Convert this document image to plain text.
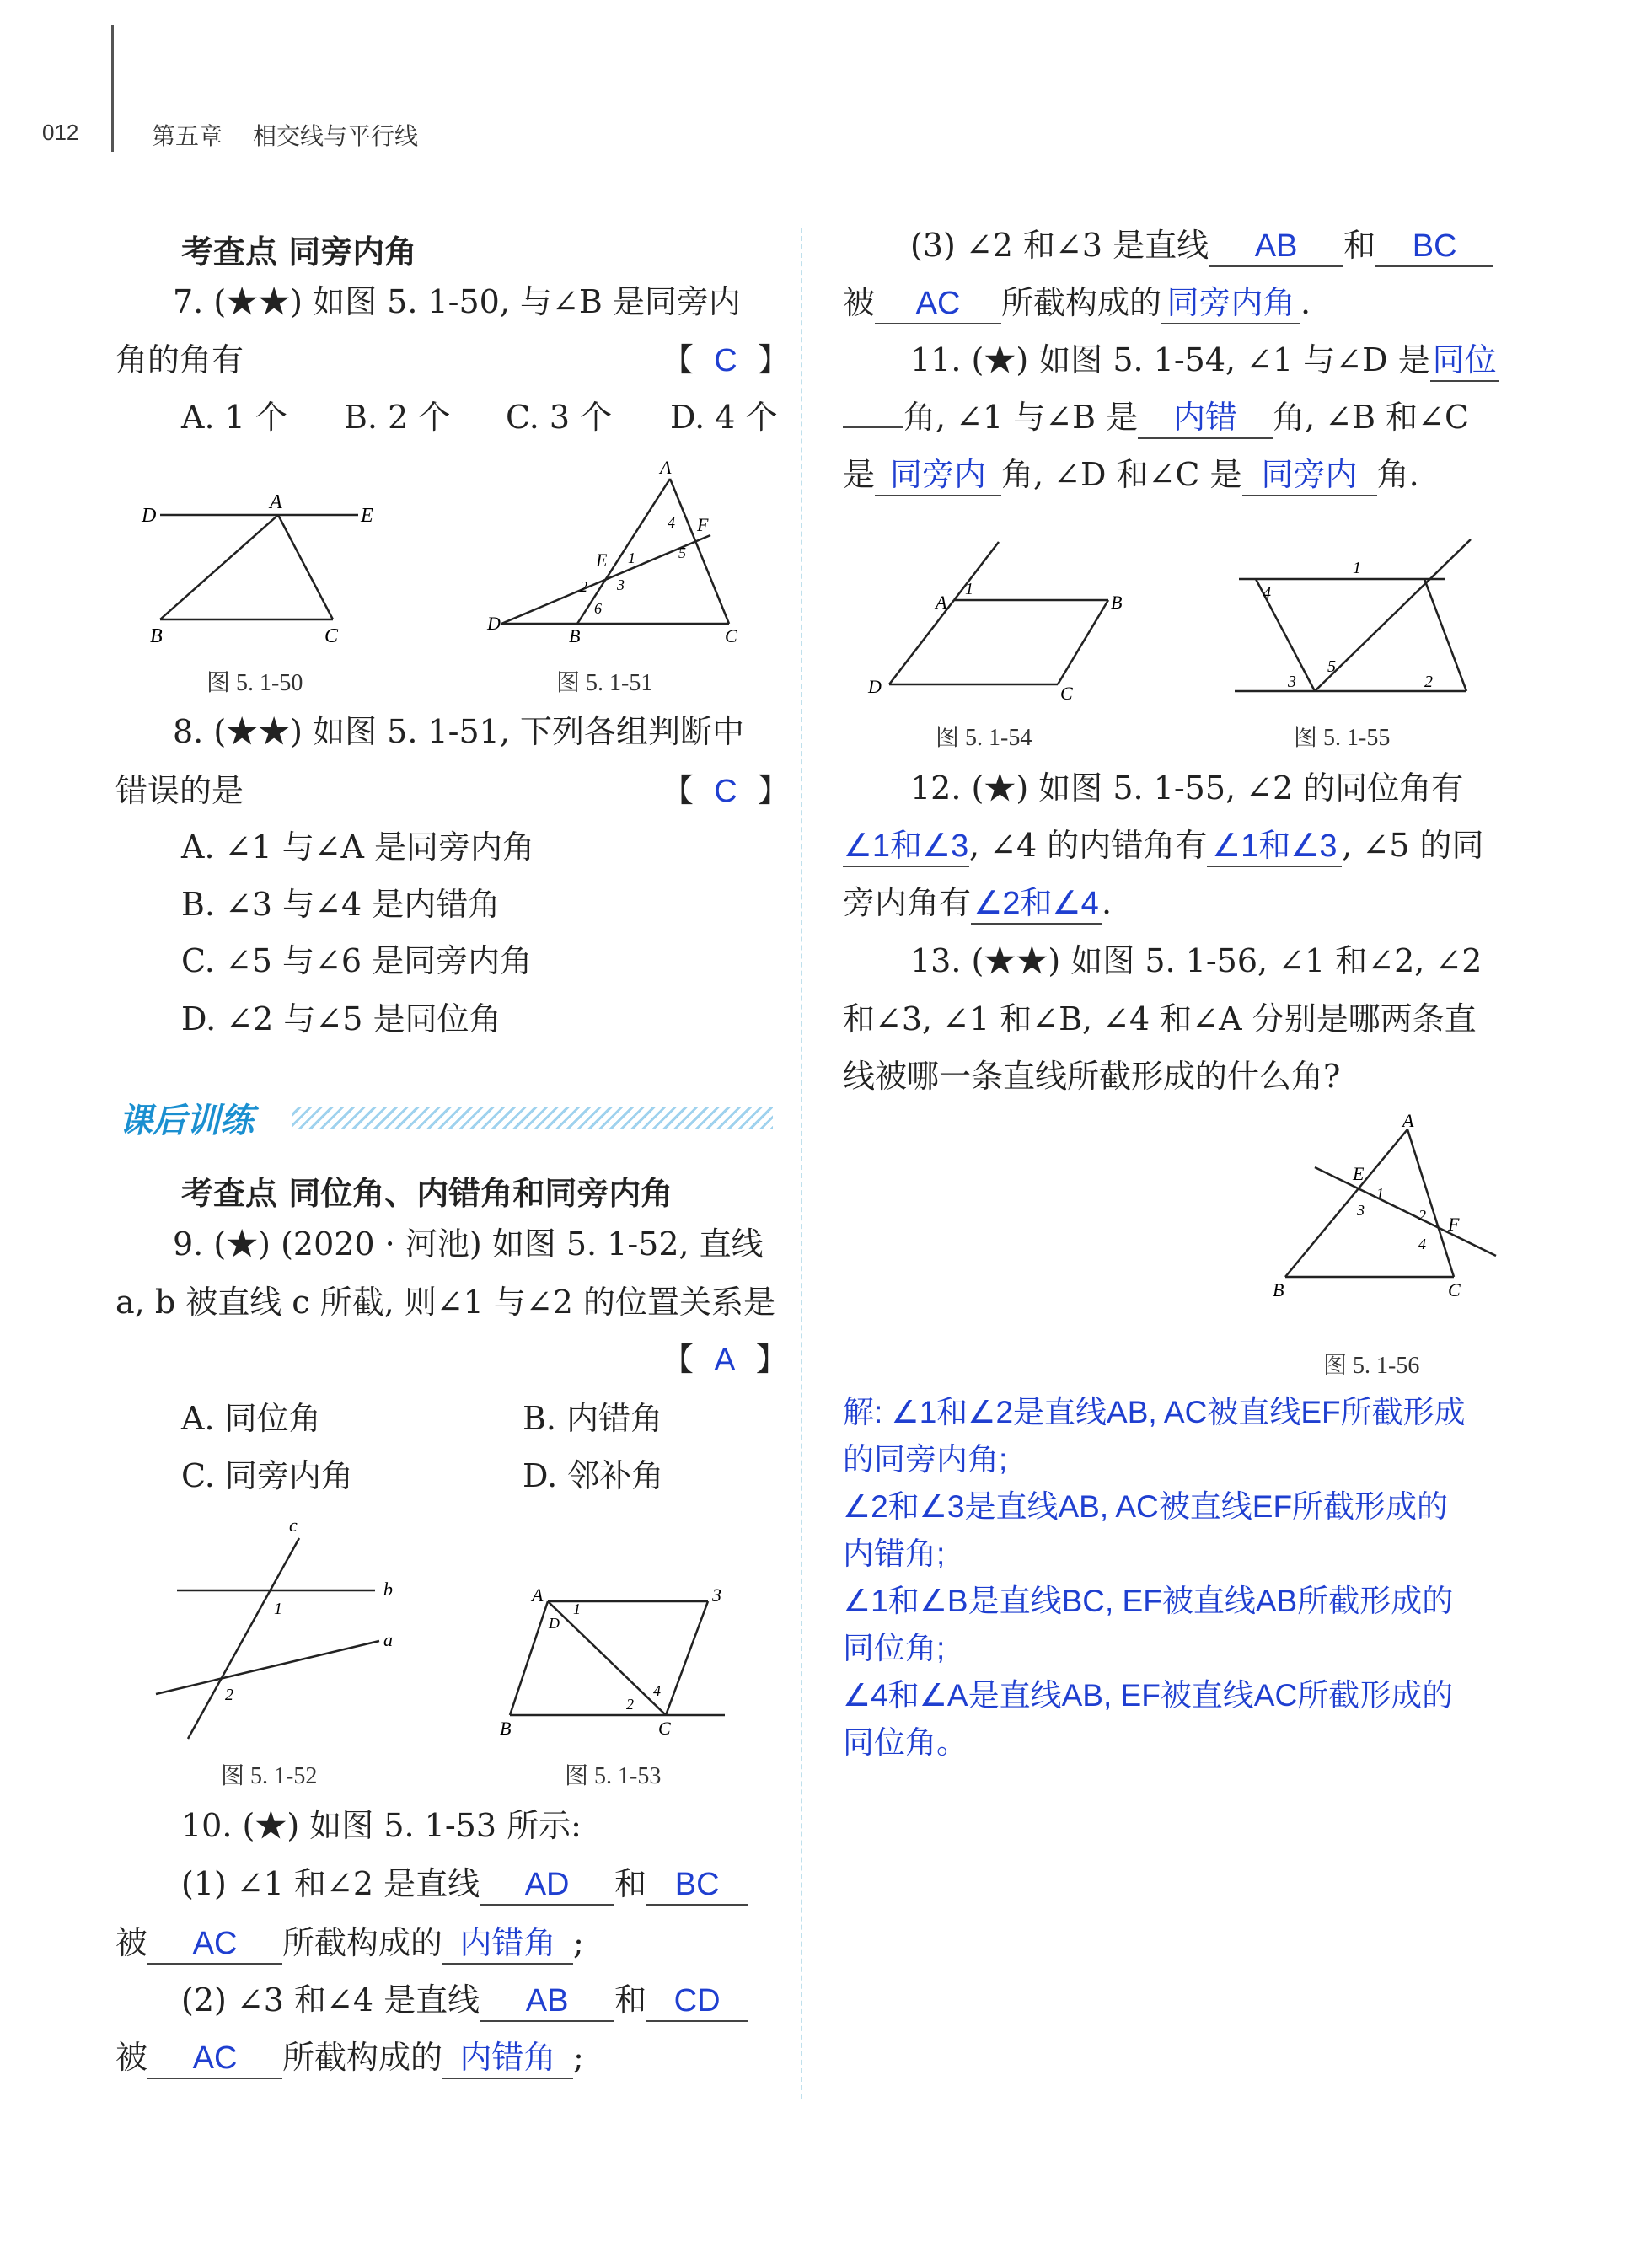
012	第五章 相交线与平行线
考查点 同旁内角
7. (★★) 如图 5. 1-50, 与∠B 是同旁内
角的角有	【 C 】
A. 1 个 B. 2 个 C. 3 个 D. 4 个
D
A
E
B	C
图 5. 1-50
A
F
4
5
E 1
3
2
6
D
B	C
图 5. 1-51
8. (★★) 如图 5. 1-51, 下列各组判断中
错误的是	【 C 】
A. ∠1 与∠A 是同旁内角
B. ∠3 与∠4 是内错角
C. ∠5 与∠6 是同旁内角
D. ∠2 与∠5 是同位角
课后训练
考查点 同位角、内错角和同旁内角
9. (★) (2020 · 河池) 如图 5. 1-52, 直线
a, b 被直线 c 所截, 则∠1 与∠2 的位置关系是
【 A 】
A. 同位角	B. 内错角
C. 同旁内角	D. 邻补角
c
b
1
a
2
图 5. 1-52
A
1
3
D
4
2
B	C
图 5. 1-53
10. (★) 如图 5. 1-53 所示:
(1) ∠1 和∠2 是直线 AD 和 BC
被 AC 所截构成的 内错角 ;
(2) ∠3 和∠4 是直线 AB 和 CD
被 AC 所截构成的 内错角 ;
(3) ∠2 和∠3 是直线 AB 和 BC
被 AC 所截构成的 同旁内角 .
11. (★) 如图 5. 1-54, ∠1 与∠D 是同位
角, ∠1 与∠B 是 内错 角, ∠B 和∠C
是 同旁内 角, ∠D 和∠C 是 同旁内 角.
A
1
B
D	C
图 5. 1-54
1
4
3
5
2
图 5. 1-55
12. (★) 如图 5. 1-55, ∠2 的同位角有
∠1和∠3, ∠4 的内错角有 ∠1和∠3 , ∠5 的同
旁内角有∠2和∠4.
13. (★★) 如图 5. 1-56, ∠1 和∠2, ∠2
和∠3, ∠1 和∠B, ∠4 和∠A 分别是哪两条直
线被哪一条直线所截形成的什么角?
A
E
1
3	2 F
4
B	C
图 5. 1-56
解: ∠1和∠2是直线AB, AC被直线EF所截形成
的同旁内角;
∠2和∠3是直线AB, AC被直线EF所截形成的
内错角;
∠1和∠B是直线BC, EF被直线AB所截形成的
同位角;
∠4和∠A是直线AB, EF被直线AC所截形成的
同位角。
